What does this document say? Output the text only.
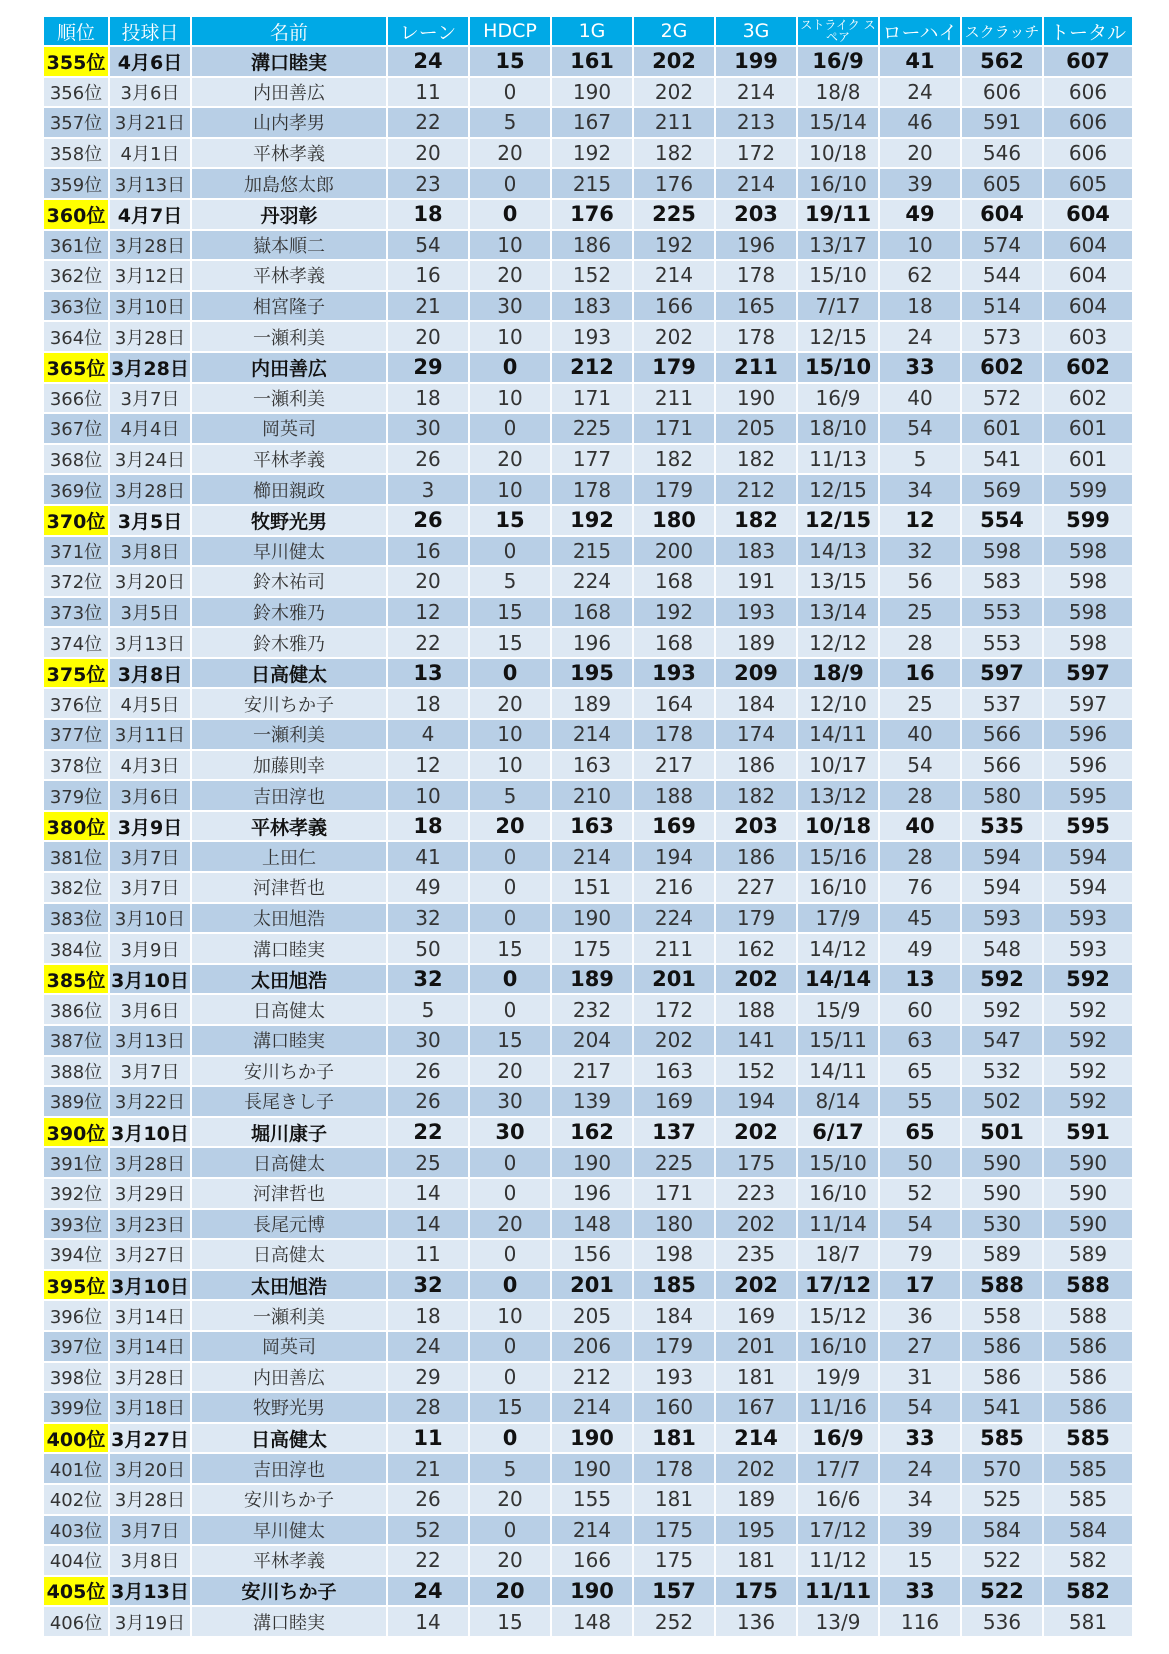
順位	投球日	名前	レーン	HDCP	1G	2G	3G	ストライク スペア	ローハイ	スクラッチ	トータル
355位	4月6日	溝口睦実	24	15	161	202	199	16/9	41	562	607
356位	3月6日	内田善広	11	0	190	202	214	18/8	24	606	606
357位	3月21日	山内孝男	22	5	167	211	213	15/14	46	591	606
358位	4月1日	平林孝義	20	20	192	182	172	10/18	20	546	606
359位	3月13日	加島悠太郎	23	0	215	176	214	16/10	39	605	605
360位	4月7日	丹羽彰	18	0	176	225	203	19/11	49	604	604
361位	3月28日	嶽本順二	54	10	186	192	196	13/17	10	574	604
362位	3月12日	平林孝義	16	20	152	214	178	15/10	62	544	604
363位	3月10日	相宮隆子	21	30	183	166	165	7/17	18	514	604
364位	3月28日	一瀬利美	20	10	193	202	178	12/15	24	573	603
365位	3月28日	内田善広	29	0	212	179	211	15/10	33	602	602
366位	3月7日	一瀬利美	18	10	171	211	190	16/9	40	572	602
367位	4月4日	岡英司	30	0	225	171	205	18/10	54	601	601
368位	3月24日	平林孝義	26	20	177	182	182	11/13	5	541	601
369位	3月28日	櫛田親政	3	10	178	179	212	12/15	34	569	599
370位	3月5日	牧野光男	26	15	192	180	182	12/15	12	554	599
371位	3月8日	早川健太	16	0	215	200	183	14/13	32	598	598
372位	3月20日	鈴木祐司	20	5	224	168	191	13/15	56	583	598
373位	3月5日	鈴木雅乃	12	15	168	192	193	13/14	25	553	598
374位	3月13日	鈴木雅乃	22	15	196	168	189	12/12	28	553	598
375位	3月8日	日高健太	13	0	195	193	209	18/9	16	597	597
376位	4月5日	安川ちか子	18	20	189	164	184	12/10	25	537	597
377位	3月11日	一瀬利美	4	10	214	178	174	14/11	40	566	596
378位	4月3日	加藤則幸	12	10	163	217	186	10/17	54	566	596
379位	3月6日	吉田淳也	10	5	210	188	182	13/12	28	580	595
380位	3月9日	平林孝義	18	20	163	169	203	10/18	40	535	595
381位	3月7日	上田仁	41	0	214	194	186	15/16	28	594	594
382位	3月7日	河津哲也	49	0	151	216	227	16/10	76	594	594
383位	3月10日	太田旭浩	32	0	190	224	179	17/9	45	593	593
384位	3月9日	溝口睦実	50	15	175	211	162	14/12	49	548	593
385位	3月10日	太田旭浩	32	0	189	201	202	14/14	13	592	592
386位	3月6日	日高健太	5	0	232	172	188	15/9	60	592	592
387位	3月13日	溝口睦実	30	15	204	202	141	15/11	63	547	592
388位	3月7日	安川ちか子	26	20	217	163	152	14/11	65	532	592
389位	3月22日	長尾きし子	26	30	139	169	194	8/14	55	502	592
390位	3月10日	堀川康子	22	30	162	137	202	6/17	65	501	591
391位	3月28日	日高健太	25	0	190	225	175	15/10	50	590	590
392位	3月29日	河津哲也	14	0	196	171	223	16/10	52	590	590
393位	3月23日	長尾元博	14	20	148	180	202	11/14	54	530	590
394位	3月27日	日高健太	11	0	156	198	235	18/7	79	589	589
395位	3月10日	太田旭浩	32	0	201	185	202	17/12	17	588	588
396位	3月14日	一瀬利美	18	10	205	184	169	15/12	36	558	588
397位	3月14日	岡英司	24	0	206	179	201	16/10	27	586	586
398位	3月28日	内田善広	29	0	212	193	181	19/9	31	586	586
399位	3月18日	牧野光男	28	15	214	160	167	11/16	54	541	586
400位	3月27日	日高健太	11	0	190	181	214	16/9	33	585	585
401位	3月20日	吉田淳也	21	5	190	178	202	17/7	24	570	585
402位	3月28日	安川ちか子	26	20	155	181	189	16/6	34	525	585
403位	3月7日	早川健太	52	0	214	175	195	17/12	39	584	584
404位	3月8日	平林孝義	22	20	166	175	181	11/12	15	522	582
405位	3月13日	安川ちか子	24	20	190	157	175	11/11	33	522	582
406位	3月19日	溝口睦実	14	15	148	252	136	13/9	116	536	581
